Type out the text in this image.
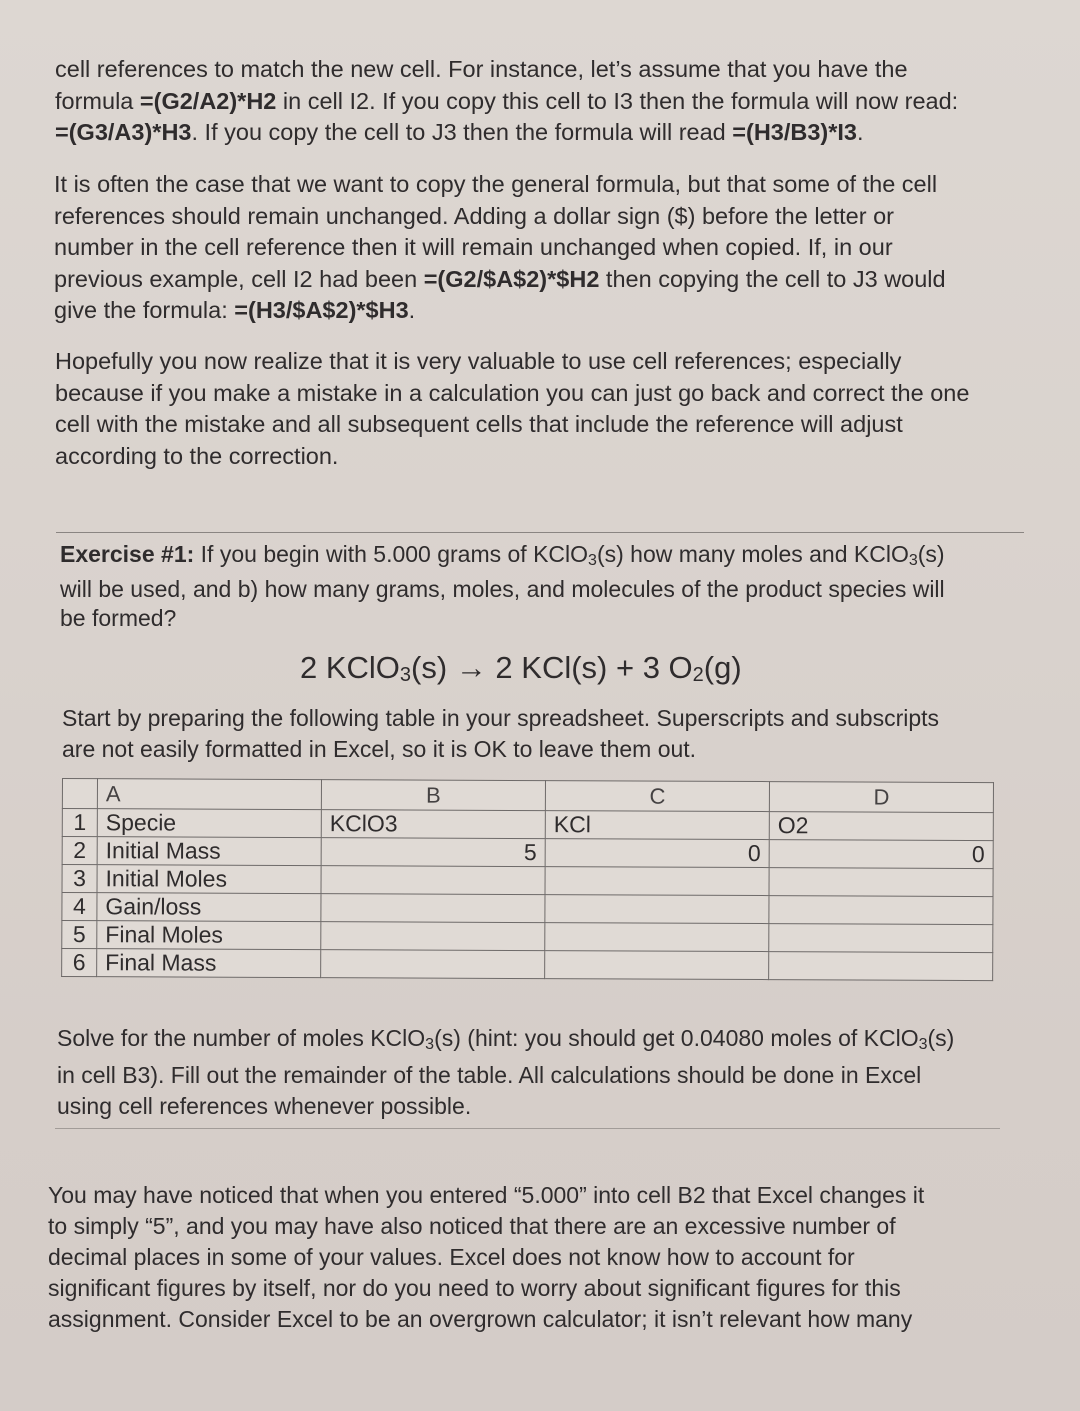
cell references to match the new cell. For instance, let’s assume that you have the
formula =(G2/A2)*H2 in cell I2. If you copy this cell to I3 then the formula will now read:
=(G3/A3)*H3. If you copy the cell to J3 then the formula will read =(H3/B3)*I3.
It is often the case that we want to copy the general formula, but that some of the cell
references should remain unchanged. Adding a dollar sign ($) before the letter or
number in the cell reference then it will remain unchanged when copied. If, in our
previous example, cell I2 had been =(G2/$A$2)*$H2 then copying the cell to J3 would
give the formula: =(H3/$A$2)*$H3.
Hopefully you now realize that it is very valuable to use cell references; especially
because if you make a mistake in a calculation you can just go back and correct the one
cell with the mistake and all subsequent cells that include the reference will adjust
according to the correction.
Exercise #1: If you begin with 5.000 grams of KClO$_3$(s) how many moles and KClO$_3$(s)
will be used, and b) how many grams, moles, and molecules of the product species will
be formed?
2 KClO$_3$(s) → 2 KCl(s) + 3 $O_2(g)$
Start by preparing the following table in your spreadsheet. Superscripts and subscripts
are not easily formatted in Excel, so it is OK to leave them out.
	A	B	C	D
1	Specie	KClO3	KCl	O2
2	Initial Mass	5	0	0
3	Initial Moles			
4	Gain/loss			
5	Final Moles			
6	Final Mass			
Solve for the number of moles KClO$_3$(s) (hint: you should get 0.04080 moles of KClO$_3$(s)
in cell B3). Fill out the remainder of the table. All calculations should be done in Excel
using cell references whenever possible.
You may have noticed that when you entered “5.000” into cell B2 that Excel changes it
to simply “5”, and you may have also noticed that there are an excessive number of
decimal places in some of your values. Excel does not know how to account for
significant figures by itself, nor do you need to worry about significant figures for this
assignment. Consider Excel to be an overgrown calculator; it isn’t relevant how many
